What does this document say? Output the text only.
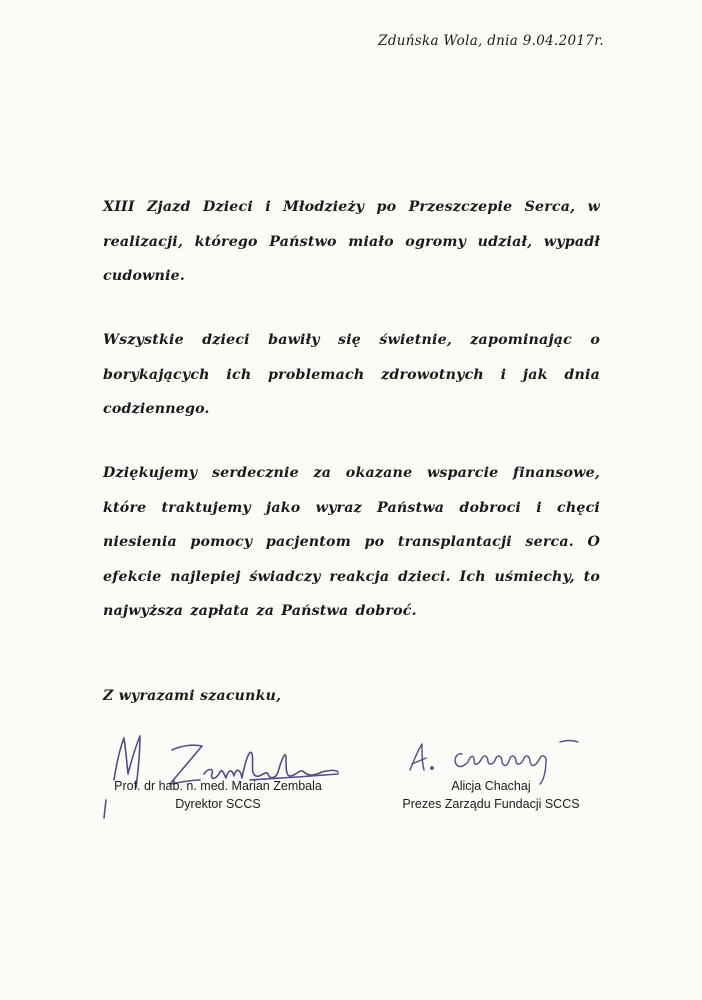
Zduńska Wola, dnia 9.04.2017r.
XIII Zjazd Dzieci i Młodzieży po Przeszczepie Serca, w realizacji, którego Państwo miało ogromy udział, wypadł cudownie.
Wszystkie dzieci bawiły się świetnie, zapominając o borykających ich problemach zdrowotnych i jak dnia codziennego.
Dziękujemy serdecznie za okazane wsparcie finansowe, które traktujemy jako wyraz Państwa dobroci i chęci niesienia pomocy pacjentom po transplantacji serca. O efekcie najlepiej świadczy reakcja dzieci. Ich uśmiechy, to najwyższa zapłata za Państwa dobroć.
Z wyrazami szacunku,
Prof. dr hab. n. med. Marian Zembala
Dyrektor SCCS
Alicja Chachaj
Prezes Zarządu Fundacji SCCS
